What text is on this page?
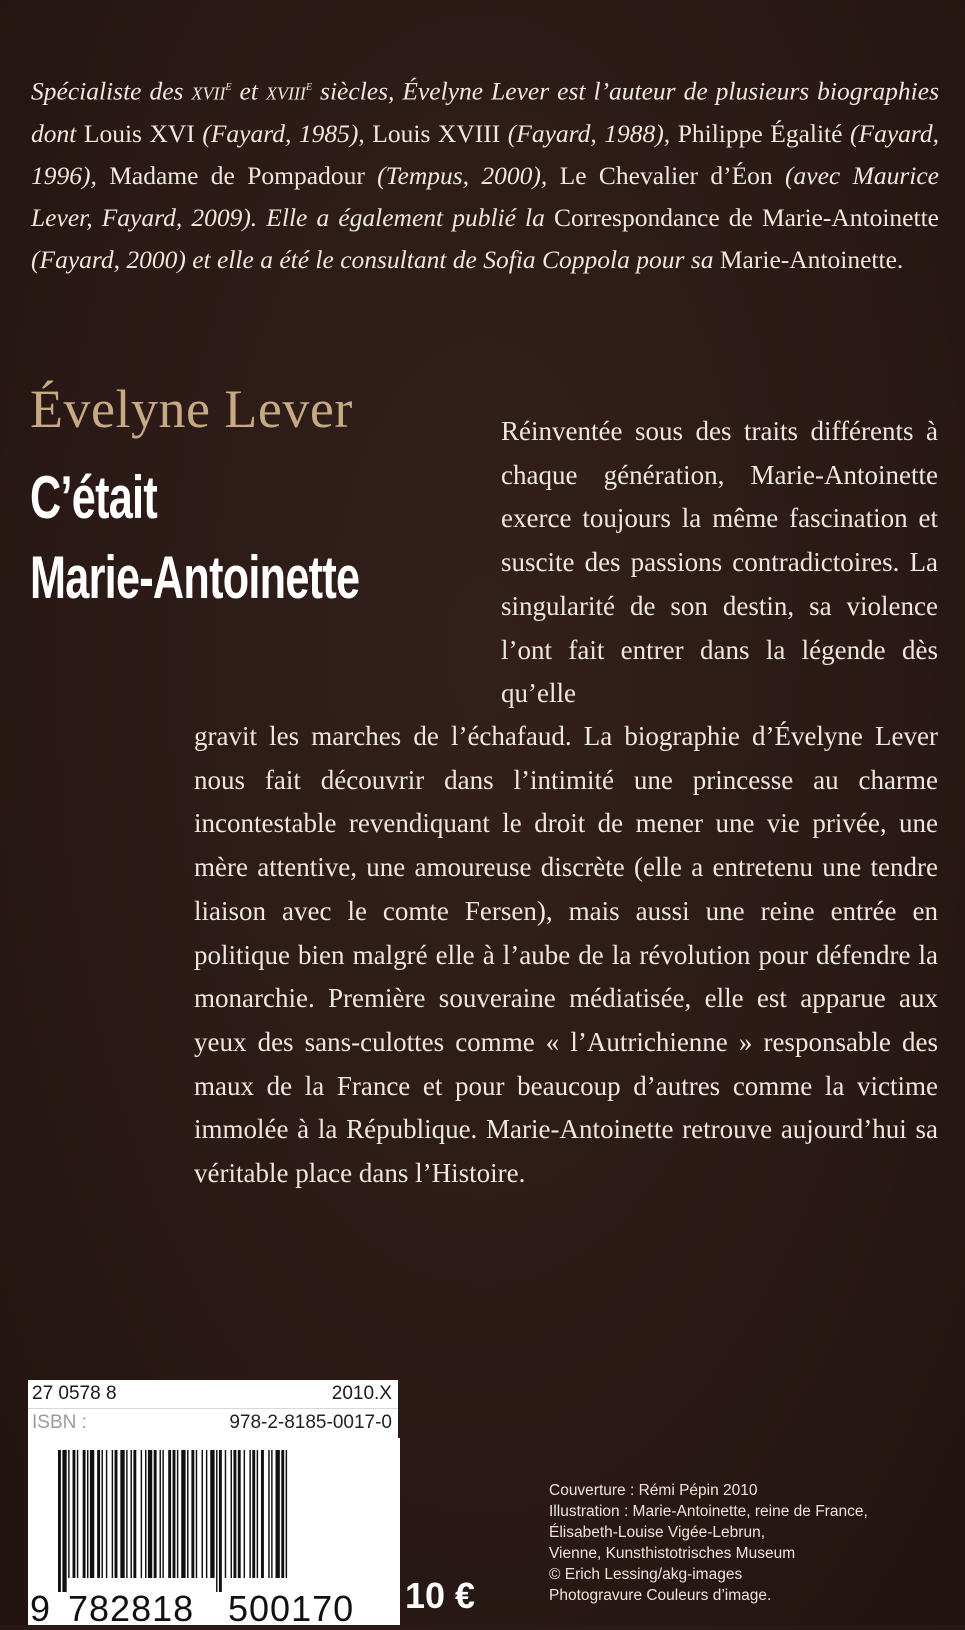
Spécialiste des xvii$^e$ et xviii$^e$ siècles, Évelyne Lever est l’auteur de plusieurs biographies dont Louis XVI (Fayard, 1985), Louis XVIII (Fayard, 1988), Philippe Égalité (Fayard, 1996), Madame de Pompadour (Tempus, 2000), Le Chevalier d’Éon (avec Maurice Lever, Fayard, 2009). Elle a également publié la Correspondance de Marie-Antoinette (Fayard, 2000) et elle a été le consultant de Sofia Coppola pour sa Marie-Antoinette.

Évelyne Lever
C’était
Marie-Antoinette

Réinventée sous des traits différents à chaque génération, Marie-Antoinette exerce toujours la même fascination et suscite des passions contradictoires. La singularité de son destin, sa violence l’ont fait entrer dans la légende dès qu’elle

gravit les marches de l’échafaud. La biographie d’Évelyne Lever nous fait découvrir dans l’intimité une princesse au charme incontestable revendiquant le droit de mener une vie privée, une mère attentive, une amoureuse discrète (elle a entretenu une tendre liaison avec le comte Fersen), mais aussi une reine entrée en politique bien malgré elle à l’aube de la révolution pour défendre la monarchie. Première souveraine médiatisée, elle est apparue aux yeux des sans-culottes comme « l’Autrichienne » responsable des maux de la France et pour beaucoup d’autres comme la victime immolée à la République. Marie-Antoinette retrouve aujourd’hui sa véritable place dans l’Histoire.

27 0578 8	2010.X
ISBN :	978-2-8185-0017-0
9 782818 500170 10 €
Couverture : Rémi Pépin 2010
Illustration : Marie-Antoinette, reine de France,
Élisabeth-Louise Vigée-Lebrun,
Vienne, Kunsthistotrisches Museum
© Erich Lessing/akg-images
Photogravure Couleurs d’image.
